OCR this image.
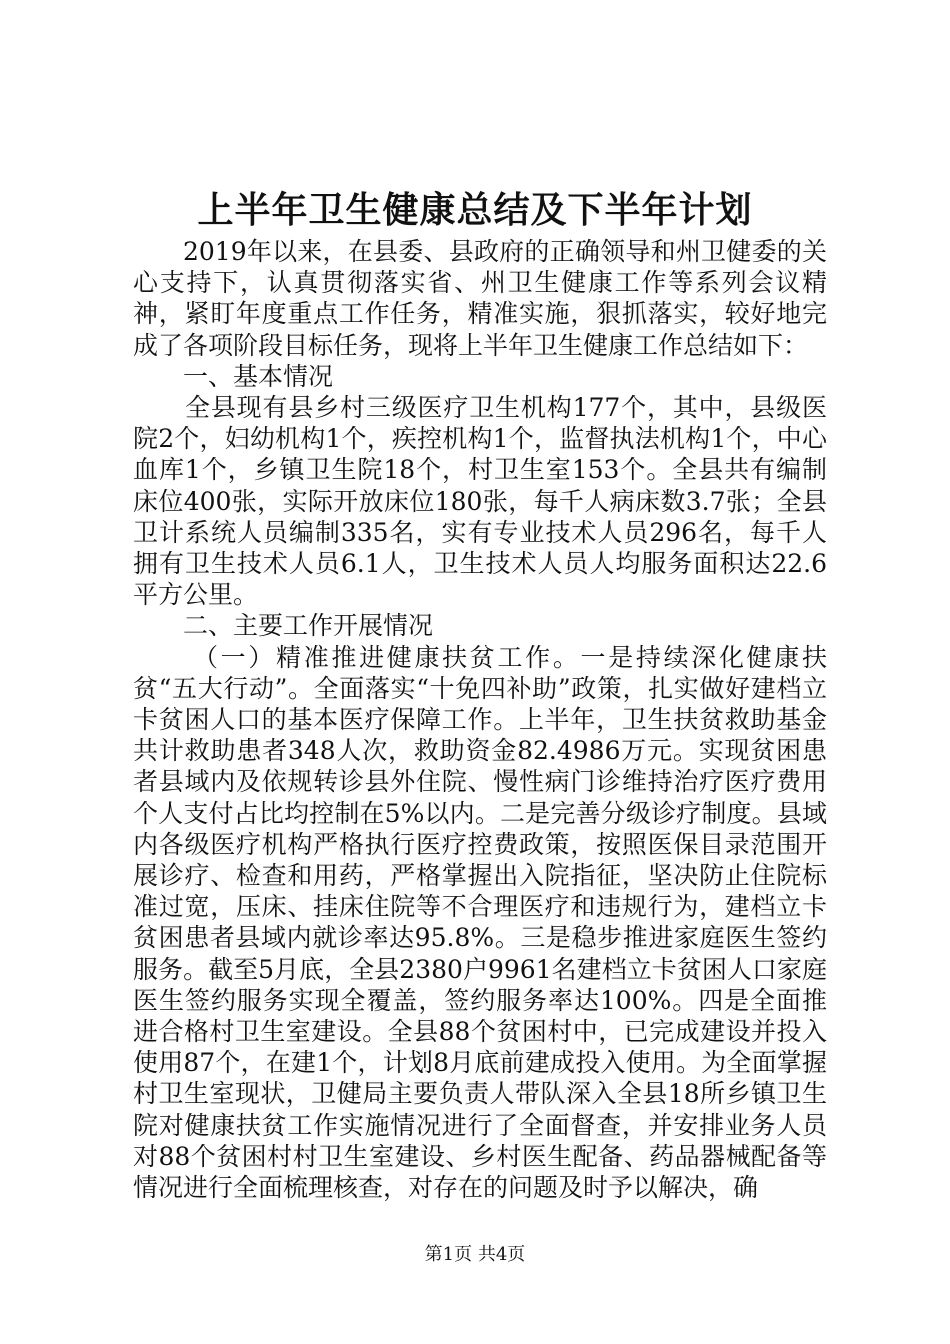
上半年卫生健康总结及下半年计划

2019年以来，在县委、县政府的正确领导和州卫健委的关心支持下，认真贯彻落实省、州卫生健康工作等系列会议精神，紧盯年度重点工作任务，精准实施，狠抓落实，较好地完成了各项阶段目标任务，现将上半年卫生健康工作总结如下：

一、基本情况

全县现有县乡村三级医疗卫生机构177个，其中，县级医院2个，妇幼机构1个，疾控机构1个，监督执法机构1个，中心血库1个，乡镇卫生院18个，村卫生室153个。全县共有编制床位400张，实际开放床位180张，每千人病床数3.7张；全县卫计系统人员编制335名，实有专业技术人员296名，每千人拥有卫生技术人员6.1人，卫生技术人员人均服务面积达22.6平方公里。

二、主要工作开展情况

（一）精准推进健康扶贫工作。一是持续深化健康扶贫“五大行动”。全面落实“十免四补助”政策，扎实做好建档立卡贫困人口的基本医疗保障工作。上半年，卫生扶贫救助基金共计救助患者348人次，救助资金82.4986万元。实现贫困患者县域内及依规转诊县外住院、慢性病门诊维持治疗医疗费用个人支付占比均控制在5%以内。二是完善分级诊疗制度。县域内各级医疗机构严格执行医疗控费政策，按照医保目录范围开展诊疗、检查和用药，严格掌握出入院指征，坚决防止住院标准过宽，压床、挂床住院等不合理医疗和违规行为，建档立卡贫困患者县域内就诊率达95.8%。三是稳步推进家庭医生签约服务。截至5月底，全县2380户9961名建档立卡贫困人口家庭医生签约服务实现全覆盖，签约服务率达100%。四是全面推进合格村卫生室建设。全县88个贫困村中，已完成建设并投入使用87个，在建1个，计划8月底前建成投入使用。为全面掌握村卫生室现状，卫健局主要负责人带队深入全县18所乡镇卫生院对健康扶贫工作实施情况进行了全面督查，并安排业务人员对88个贫困村村卫生室建设、乡村医生配备、药品器械配备等情况进行全面梳理核查，对存在的问题及时予以解决，确

第1页 共4页
